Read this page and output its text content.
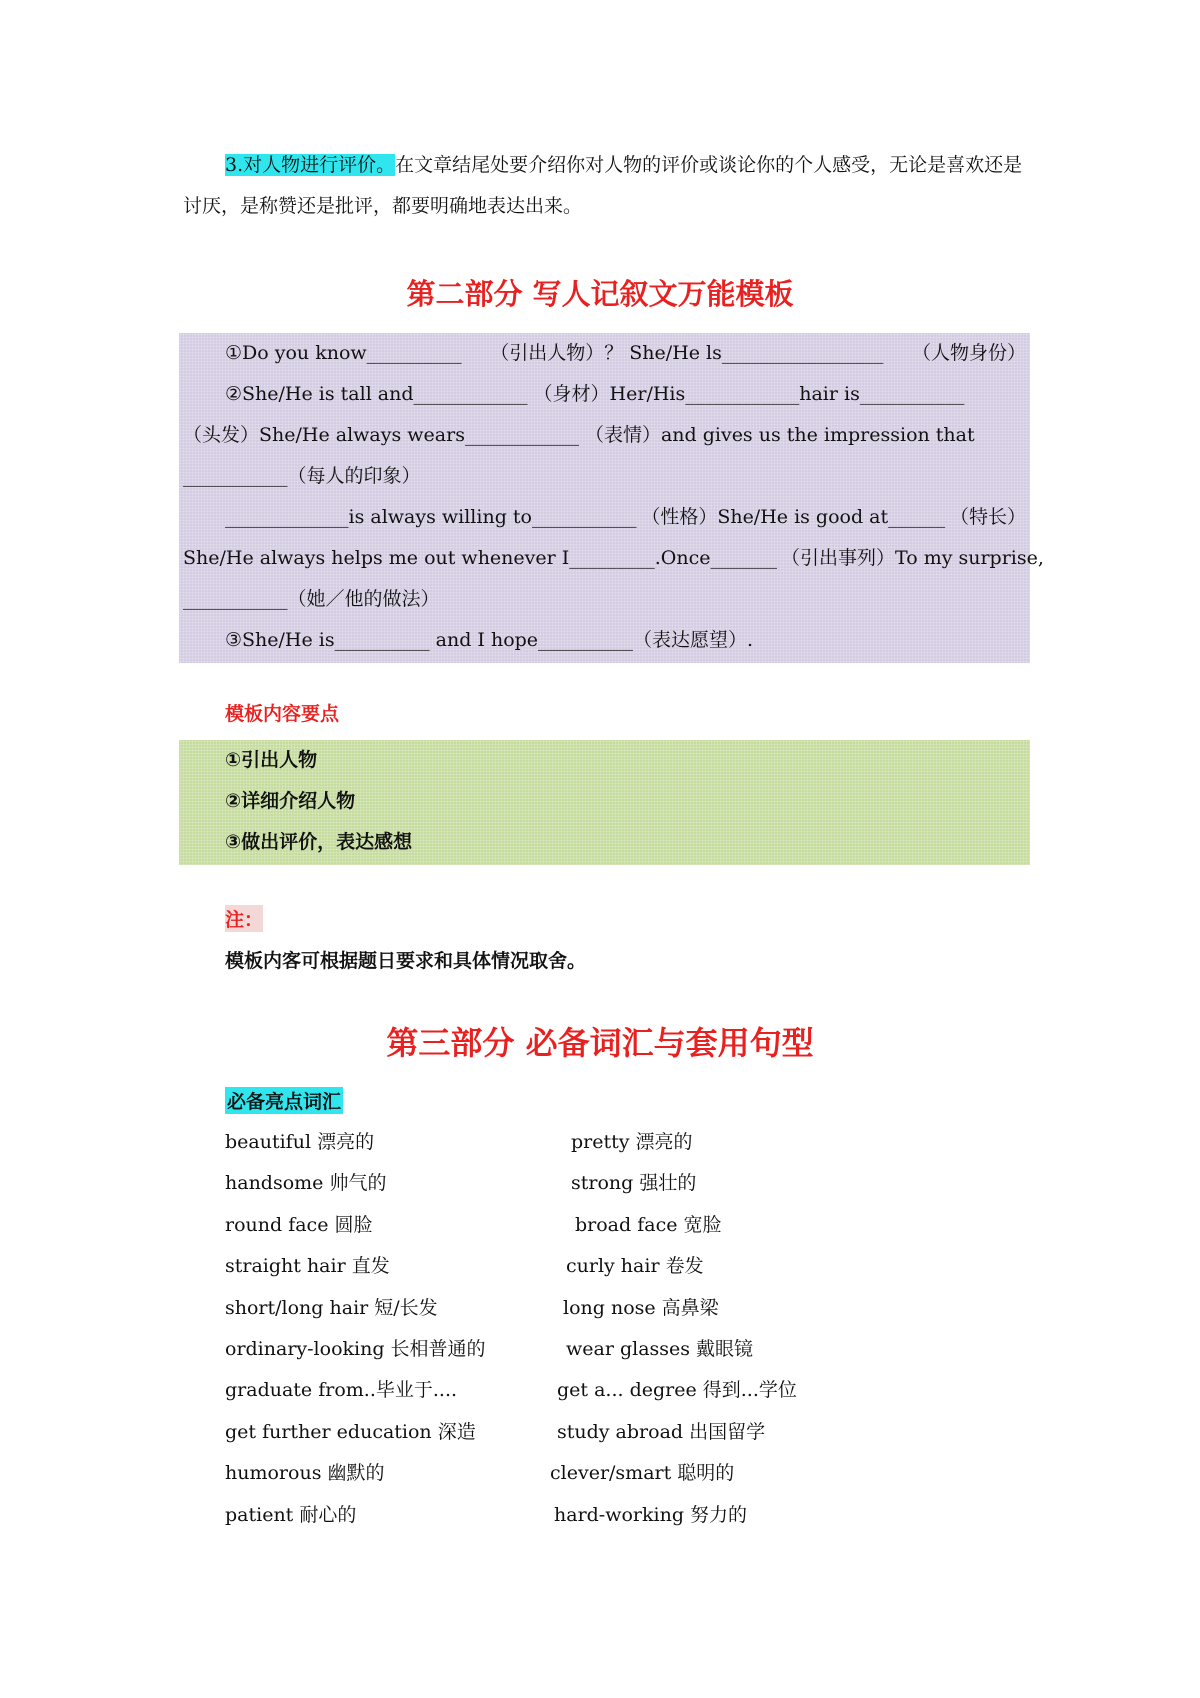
3.对人物进行评价。在文章结尾处要介绍你对人物的评价或谈论你的个人感受，无论是喜欢还是讨厌，是称赞还是批评，都要明确地表达出来。
第二部分 写人记叙文万能模板
①Do you know__________ （引出人物）？ She/He ls_________________ （人物身份）
②She/He is tall and____________ （身材）Her/His____________hair is___________
（头发）She/He always wears____________ （表情）and gives us the impression that
___________（每人的印象）
_____________is always willing to___________ （性格）She/He is good at______ （特长）
She/He always helps me out whenever I_________.Once_______ （引出事列）To my surprise,
___________（她／他的做法）
③She/He is__________ and I hope__________（表达愿望）.
模板内容要点
①引出人物
②详细介绍人物
③做出评价，表达感想
注：
模板内客可根据题日要求和具体情况取舍。
第三部分 必备词汇与套用句型
必备亮点词汇
beautiful 漂亮的	pretty 漂亮的
handsome 帅气的	strong 强壮的
round face 圆脸	broad face 宽脸
straight hair 直发	curly hair 卷发
short/long hair 短/长发	long nose 高鼻梁
ordinary-looking 长相普通的	wear glasses 戴眼镜
graduate from..毕业于....	get a... degree 得到...学位
get further education 深造	study abroad 出国留学
humorous 幽默的	clever/smart 聪明的
patient 耐心的	hard-working 努力的
